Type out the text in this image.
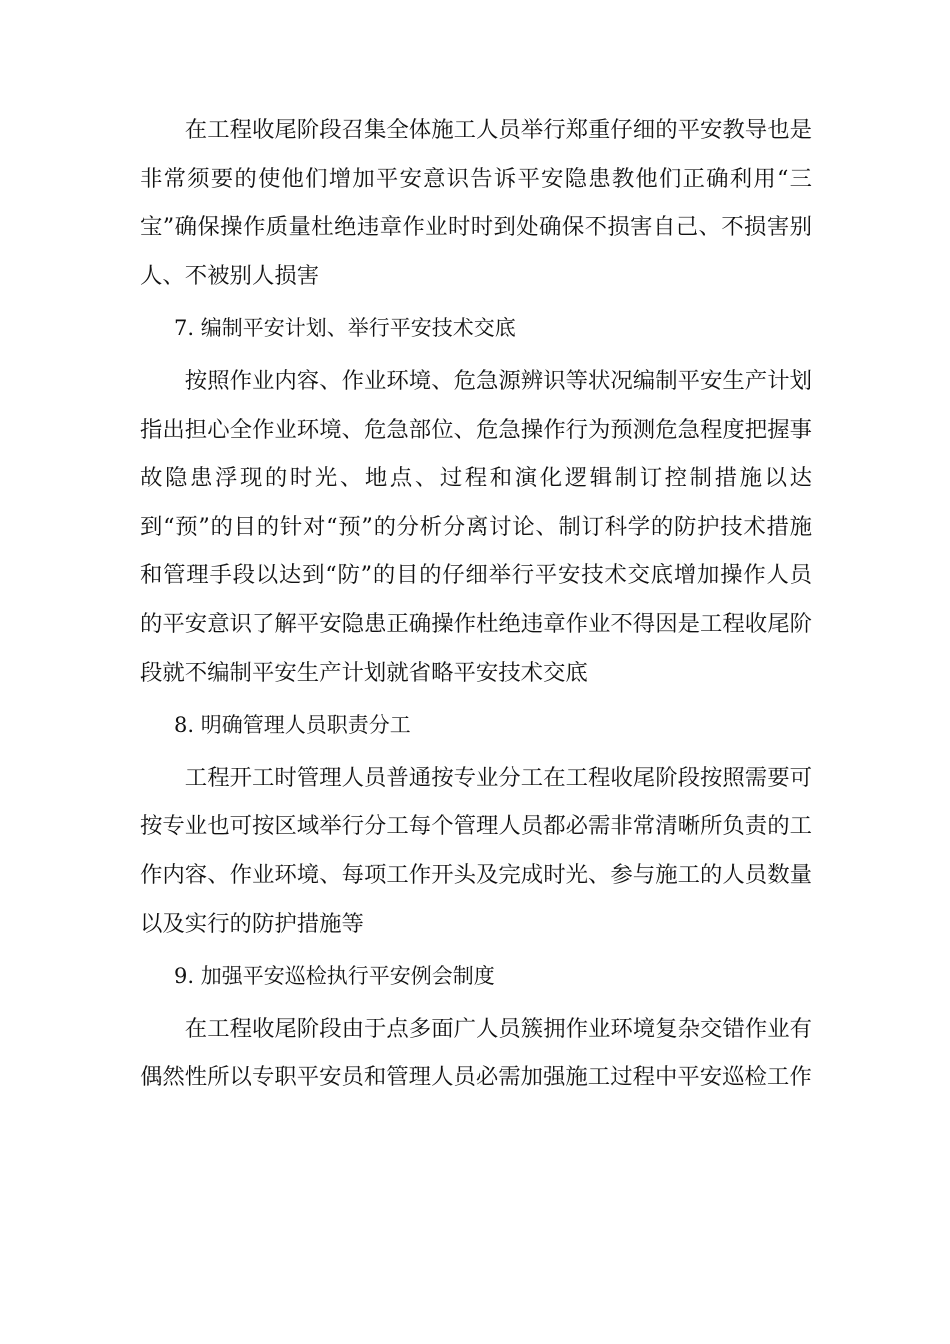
在工程收尾阶段召集全体施工人员举行郑重仔细的平安教导也是非常须要的使他们增加平安意识告诉平安隐患教他们正确利用“三宝”确保操作质量杜绝违章作业时时到处确保不损害自己、不损害别人、不被别人损害

7. 编制平安计划、举行平安技术交底

按照作业内容、作业环境、危急源辨识等状况编制平安生产计划指出担心全作业环境、危急部位、危急操作行为预测危急程度把握事故隐患浮现的时光、地点、过程和演化逻辑制订控制措施以达到“预”的目的针对“预”的分析分离讨论、制订科学的防护技术措施和管理手段以达到“防”的目的仔细举行平安技术交底增加操作人员的平安意识了解平安隐患正确操作杜绝违章作业不得因是工程收尾阶段就不编制平安生产计划就省略平安技术交底

8. 明确管理人员职责分工

工程开工时管理人员普通按专业分工在工程收尾阶段按照需要可按专业也可按区域举行分工每个管理人员都必需非常清晰所负责的工作内容、作业环境、每项工作开头及完成时光、参与施工的人员数量以及实行的防护措施等

9. 加强平安巡检执行平安例会制度

在工程收尾阶段由于点多面广人员簇拥作业环境复杂交错作业有偶然性所以专职平安员和管理人员必需加强施工过程中平安巡检工作
